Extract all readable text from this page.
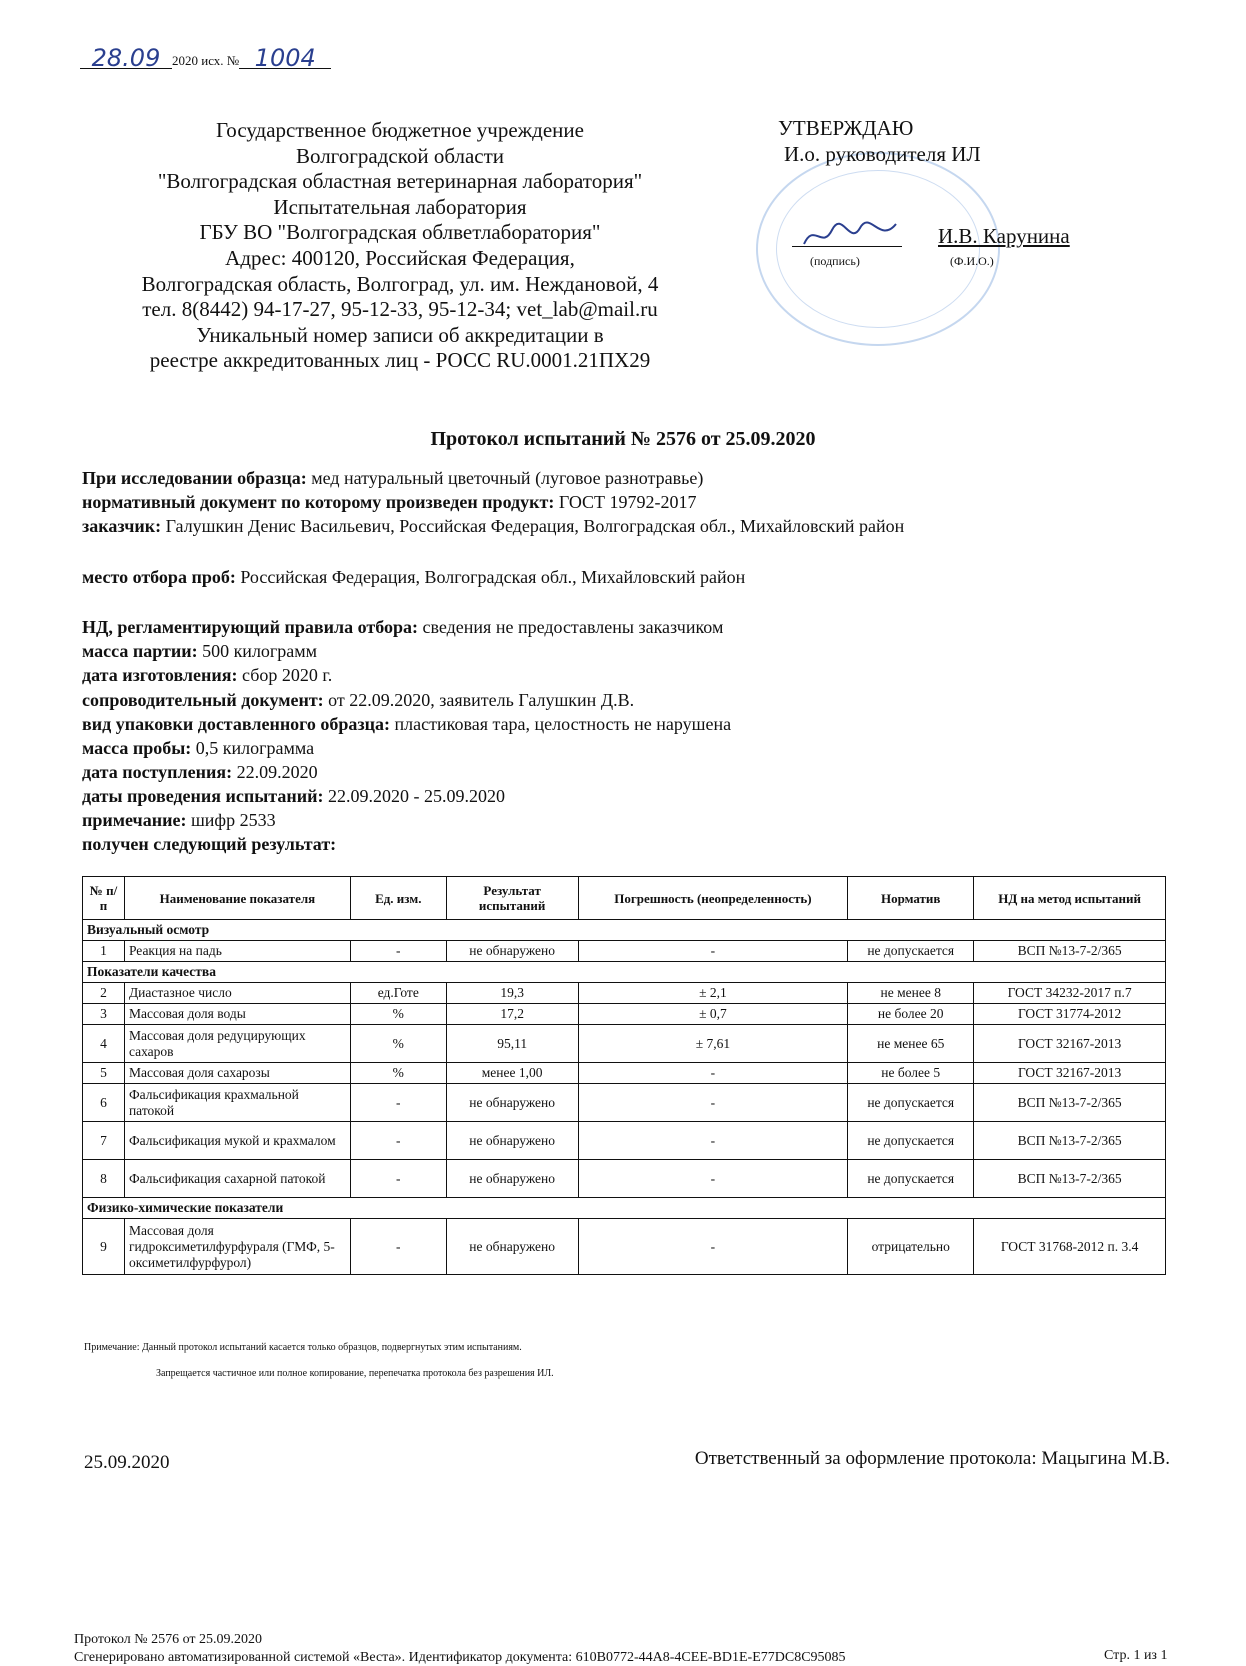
28.09 2020 исх. № 1004
Государственное бюджетное учреждение
Волгоградской области
"Волгоградская областная ветеринарная лаборатория"
Испытательная лаборатория
ГБУ ВО "Волгоградская облветлаборатория"
Адрес: 400120, Российская Федерация,
Волгоградская область, Волгоград, ул. им. Неждановой, 4
тел. 8(8442) 94-17-27, 95-12-33, 95-12-34; vet_lab@mail.ru
Уникальный номер записи об аккредитации в
реестре аккредитованных лиц - РОСС RU.0001.21ПХ29
УТВЕРЖДАЮ
И.о. руководителя ИЛ
И.В. Карунина
(подпись)	(Ф.И.О.)
Протокол испытаний № 2576 от 25.09.2020
При исследовании образца: мед натуральный цветочный (луговое разнотравье)
нормативный документ по которому произведен продукт: ГОСТ 19792-2017
заказчик: Галушкин Денис Васильевич, Российская Федерация, Волгоградская обл., Михайловский район
место отбора проб: Российская Федерация, Волгоградская обл., Михайловский район
НД, регламентирующий правила отбора: сведения не предоставлены заказчиком
масса партии: 500 килограмм
дата изготовления: сбор 2020 г.
сопроводительный документ: от 22.09.2020, заявитель Галушкин Д.В.
вид упаковки доставленного образца: пластиковая тара, целостность не нарушена
масса пробы: 0,5 килограмма
дата поступления: 22.09.2020
даты проведения испытаний: 22.09.2020 - 25.09.2020
примечание: шифр 2533
получен следующий результат:
№ п/п	Наименование показателя	Ед. изм.	Результат испытаний	Погрешность (неопределенность)	Норматив	НД на метод испытаний
Визуальный осмотр						
1	Реакция на падь	-	не обнаружено	-	не допускается	ВСП №13-7-2/365
Показатели качества						
2	Диастазное число	ед.Готе	19,3	± 2,1	не менее 8	ГОСТ 34232-2017 п.7
3	Массовая доля воды	%	17,2	± 0,7	не более 20	ГОСТ 31774-2012
4	Массовая доля редуцирующих сахаров	%	95,11	± 7,61	не менее 65	ГОСТ 32167-2013
5	Массовая доля сахарозы	%	менее 1,00	-	не более 5	ГОСТ 32167-2013
6	Фальсификация крахмальной патокой	-	не обнаружено	-	не допускается	ВСП №13-7-2/365
7	Фальсификация мукой и крахмалом	-	не обнаружено	-	не допускается	ВСП №13-7-2/365
8	Фальсификация сахарной патокой	-	не обнаружено	-	не допускается	ВСП №13-7-2/365
Физико-химические показатели						
9	Массовая доля гидроксиметилфурфураля (ГМФ, 5-оксиметилфурфурол)	-	не обнаружено	-	отрицательно	ГОСТ 31768-2012 п. 3.4
Примечание: Данный протокол испытаний касается только образцов, подвергнутых этим испытаниям.
Запрещается частичное или полное копирование, перепечатка протокола без разрешения ИЛ.
25.09.2020	Ответственный за оформление протокола: Мацыгина М.В.
Протокол № 2576 от 25.09.2020
Сгенерировано автоматизированной системой «Веста». Идентификатор документа: 610B0772-44A8-4CEE-BD1E-E77DC8C95085	Стр. 1 из 1
